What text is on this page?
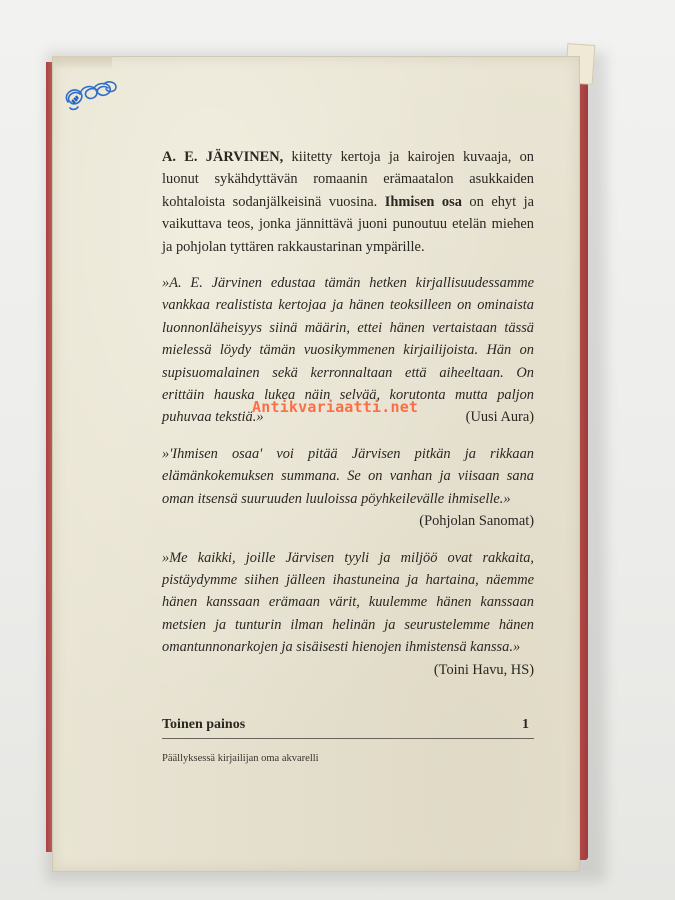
A. E. JÄRVINEN, kiitetty kertoja ja kairojen kuvaaja, on luonut sykähdyttävän romaanin erämaatalon asukkaiden kohtaloista sodanjälkeisinä vuosina. Ihmisen osa on ehyt ja vaikuttava teos, jonka jännittävä juoni punoutuu etelän miehen ja pohjolan tyttären rakkaustarinan ympärille.

»A. E. Järvinen edustaa tämän hetken kirjallisuudessamme vankkaa realistista kertojaa ja hänen teoksilleen on ominaista luonnonläheisyys siinä määrin, ettei hänen vertaistaan tässä mielessä löydy tämän vuosikymmenen kirjailijoista. Hän on supisuomalainen sekä kerronnaltaan että aiheeltaan. On erittäin hauska lukea näin selvää, korutonta mutta paljon puhuvaa tekstiä.»	(Uusi Aura)

»'Ihmisen osaa' voi pitää Järvisen pitkän ja rikkaan elämänkokemuksen summana. Se on vanhan ja viisaan sana oman itsensä suuruuden luuloissa pöyhkeilevälle ihmiselle.»
(Pohjolan Sanomat)

»Me kaikki, joille Järvisen tyyli ja miljöö ovat rakkaita, pistäydymme siihen jälleen ihastuneina ja hartaina, näemme hänen kanssaan erämaan värit, kuulemme hänen kanssaan metsien ja tunturin ilman helinän ja seurustelemme hänen omantunnonarkojen ja sisäisesti hienojen ihmistensä kanssa.»
(Toini Havu, HS)

Antikvariaatti.net
Toinen painos	1
Päällyksessä kirjailijan oma akvarelli
